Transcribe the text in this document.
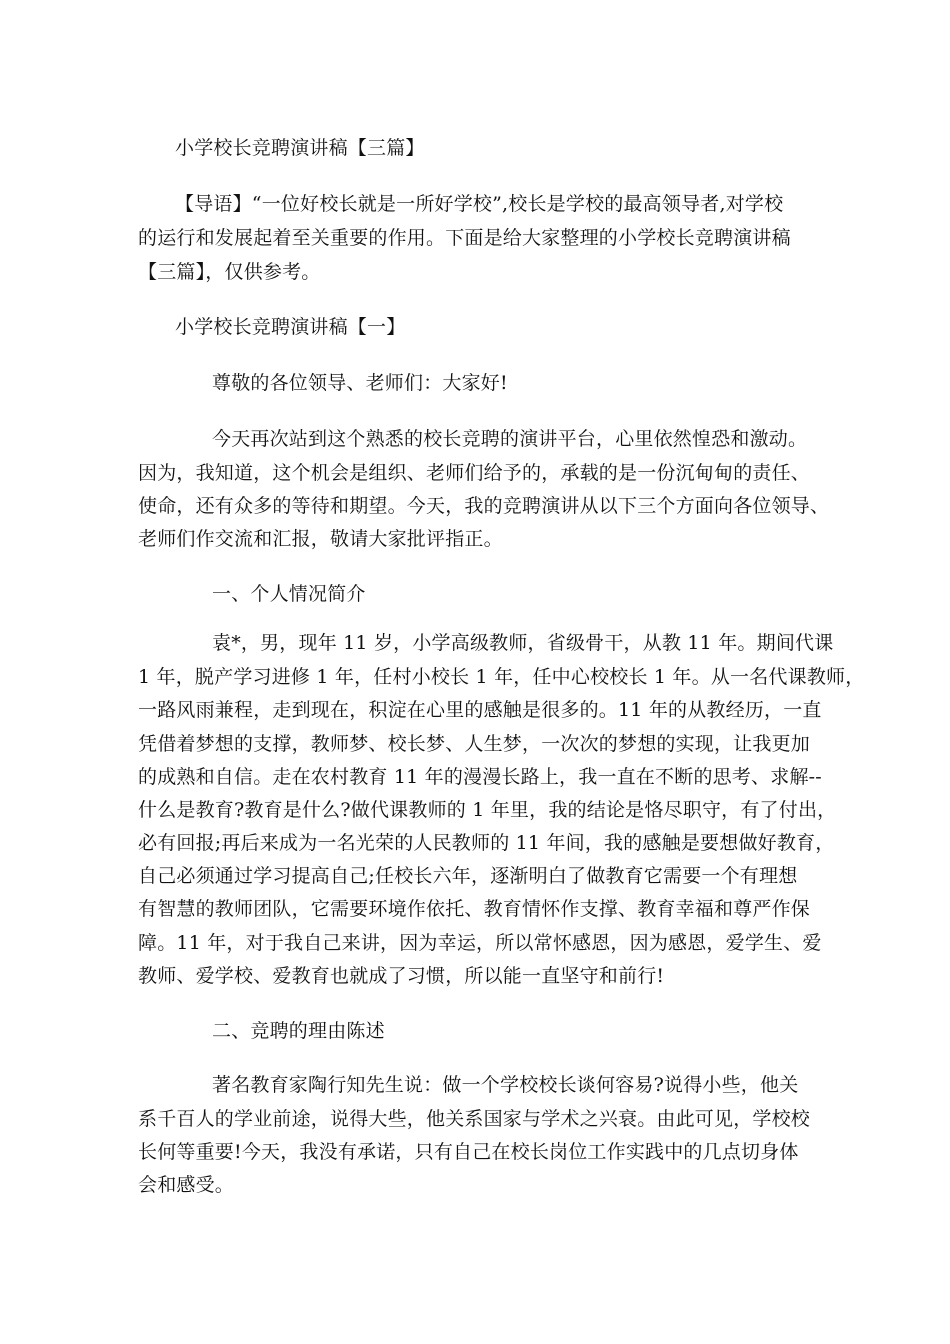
小学校长竞聘演讲稿【三篇】
【导语】“一位好校长就是一所好学校”,校长是学校的最高领导者,对学校
的运行和发展起着至关重要的作用。下面是给大家整理的小学校长竞聘演讲稿
【三篇】，仅供参考。
小学校长竞聘演讲稿【一】
尊敬的各位领导、老师们：大家好!
今天再次站到这个熟悉的校长竞聘的演讲平台，心里依然惶恐和激动。
因为，我知道，这个机会是组织、老师们给予的，承载的是一份沉甸甸的责任、
使命，还有众多的等待和期望。今天，我的竞聘演讲从以下三个方面向各位领导、
老师们作交流和汇报，敬请大家批评指正。
一、个人情况简介
袁*，男，现年 11 岁，小学高级教师，省级骨干，从教 11 年。期间代课
1 年，脱产学习进修 1 年，任村小校长 1 年，任中心校校长 1 年。从一名代课教师，
一路风雨兼程，走到现在，积淀在心里的感触是很多的。11 年的从教经历，一直
凭借着梦想的支撑，教师梦、校长梦、人生梦，一次次的梦想的实现，让我更加
的成熟和自信。走在农村教育 11 年的漫漫长路上，我一直在不断的思考、求解--
什么是教育?教育是什么?做代课教师的 1 年里，我的结论是恪尽职守，有了付出，
必有回报;再后来成为一名光荣的人民教师的 11 年间，我的感触是要想做好教育，
自己必须通过学习提高自己;任校长六年，逐渐明白了做教育它需要一个有理想
有智慧的教师团队，它需要环境作依托、教育情怀作支撑、教育幸福和尊严作保
障。11 年，对于我自己来讲，因为幸运，所以常怀感恩，因为感恩，爱学生、爱
教师、爱学校、爱教育也就成了习惯，所以能一直坚守和前行!
二、竞聘的理由陈述
著名教育家陶行知先生说：做一个学校校长谈何容易?说得小些，他关
系千百人的学业前途，说得大些，他关系国家与学术之兴衰。由此可见，学校校
长何等重要!今天，我没有承诺，只有自己在校长岗位工作实践中的几点切身体
会和感受。
